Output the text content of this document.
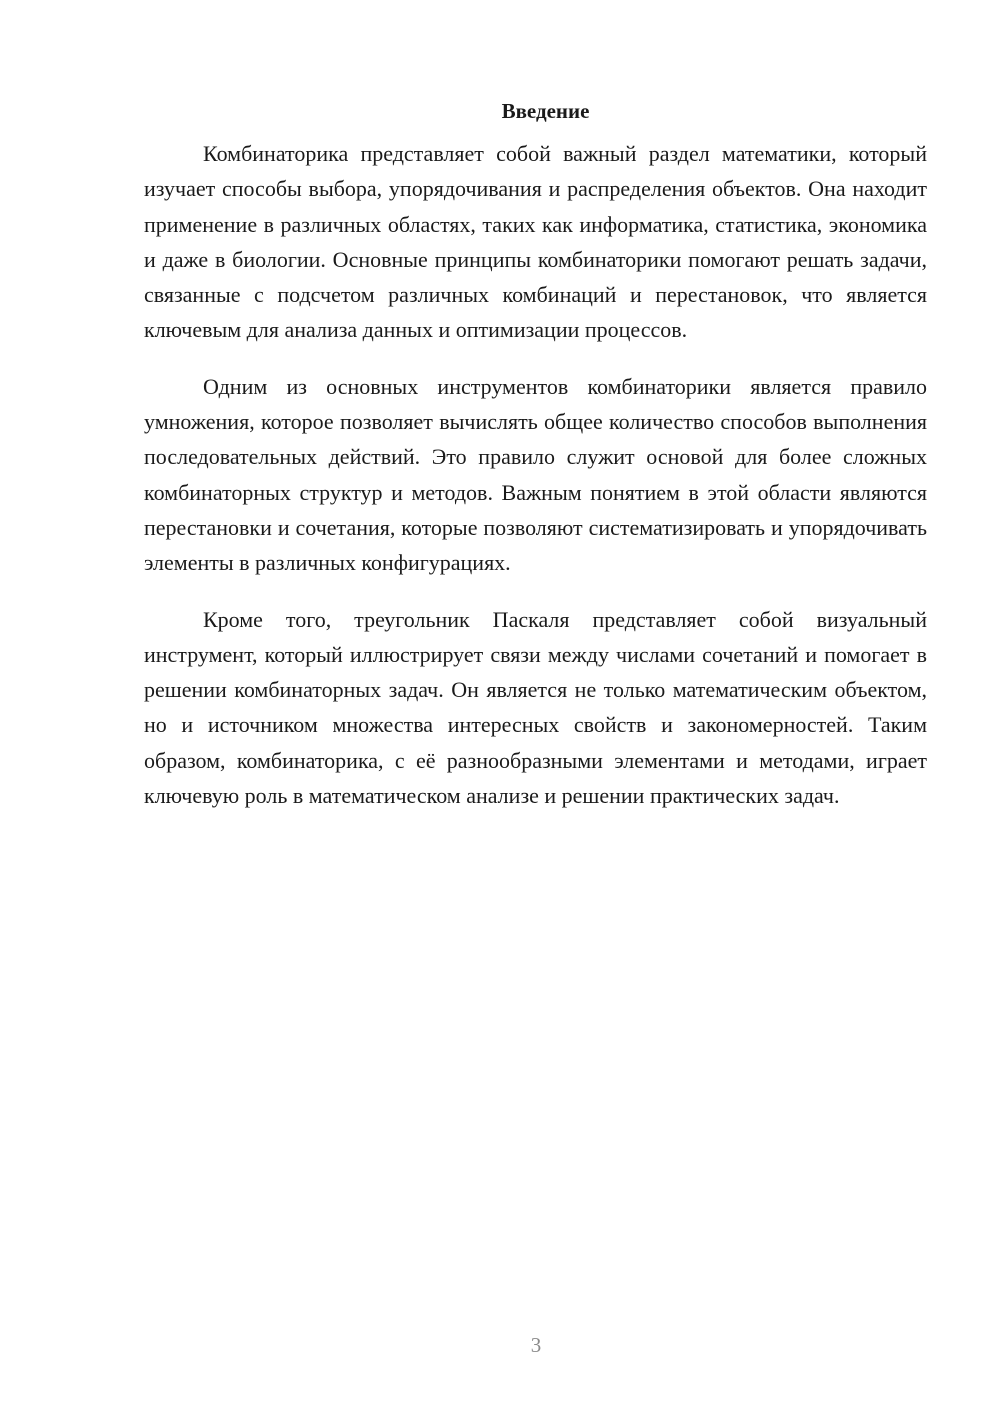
Введение

Комбинаторика представляет собой важный раздел математики, который изучает способы выбора, упорядочивания и распределения объектов. Она находит применение в различных областях, таких как информатика, статистика, экономика и даже в биологии. Основные принципы комбинаторики помогают решать задачи, связанные с подсчетом различных комбинаций и перестановок, что является ключевым для анализа данных и оптимизации процессов.

Одним из основных инструментов комбинаторики является правило умножения, которое позволяет вычислять общее количество способов выполнения последовательных действий. Это правило служит основой для более сложных комбинаторных структур и методов. Важным понятием в этой области являются перестановки и сочетания, которые позволяют систематизировать и упорядочивать элементы в различных конфигурациях.

Кроме того, треугольник Паскаля представляет собой визуальный инструмент, который иллюстрирует связи между числами сочетаний и помогает в решении комбинаторных задач. Он является не только математическим объектом, но и источником множества интересных свойств и закономерностей. Таким образом, комбинаторика, с её разнообразными элементами и методами, играет ключевую роль в математическом анализе и решении практических задач.

3
